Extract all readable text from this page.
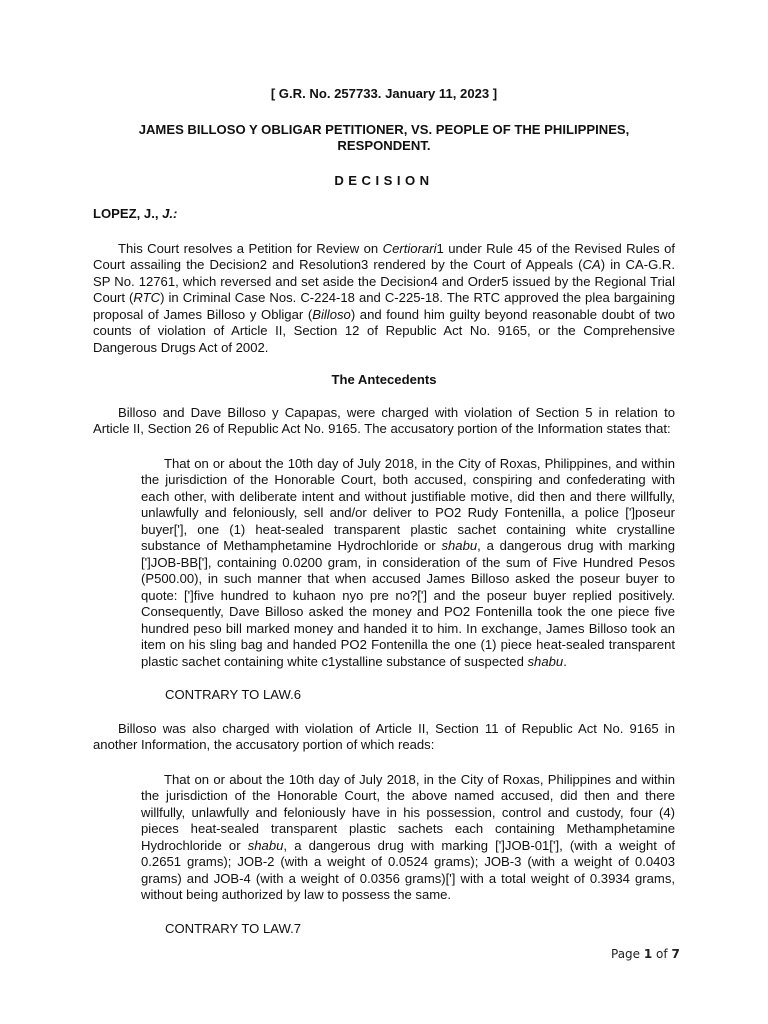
[ G.R. No. 257733. January 11, 2023 ]

JAMES BILLOSO Y OBLIGAR PETITIONER, VS. PEOPLE OF THE PHILIPPINES,
RESPONDENT.

DECISION

LOPEZ, J., J.:

This Court resolves a Petition for Review on Certiorari1 under Rule 45 of the Revised Rules of Court assailing the Decision2 and Resolution3 rendered by the Court of Appeals (CA) in CA-G.R. SP No. 12761, which reversed and set aside the Decision4 and Order5 issued by the Regional Trial Court (RTC) in Criminal Case Nos. C-224-18 and C-225-18. The RTC approved the plea bargaining proposal of James Billoso y Obligar (Billoso) and found him guilty beyond reasonable doubt of two counts of violation of Article II, Section 12 of Republic Act No. 9165, or the Comprehensive Dangerous Drugs Act of 2002.

The Antecedents

Billoso and Dave Billoso y Capapas, were charged with violation of Section 5 in relation to Article II, Section 26 of Republic Act No. 9165. The accusatory portion of the Information states that:

That on or about the 10th day of July 2018, in the City of Roxas, Philippines, and within the jurisdiction of the Honorable Court, both accused, conspiring and confederating with each other, with deliberate intent and without justifiable motive, did then and there willfully, unlawfully and feloniously, sell and/or deliver to PO2 Rudy Fontenilla, a police [']poseur buyer['], one (1) heat-sealed transparent plastic sachet containing white crystalline substance of Methamphetamine Hydrochloride or shabu, a dangerous drug with marking [']JOB-BB['], containing 0.0200 gram, in consideration of the sum of Five Hundred Pesos (P500.00), in such manner that when accused James Billoso asked the poseur buyer to quote: [']five hundred to kuhaon nyo pre no?['] and the poseur buyer replied positively. Consequently, Dave Billoso asked the money and PO2 Fontenilla took the one piece five hundred peso bill marked money and handed it to him. In exchange, James Billoso took an item on his sling bag and handed PO2 Fontenilla the one (1) piece heat-sealed transparent plastic sachet containing white c1ystalline substance of suspected shabu.

CONTRARY TO LAW.6

Billoso was also charged with violation of Article II, Section 11 of Republic Act No. 9165 in another Information, the accusatory portion of which reads:

That on or about the 10th day of July 2018, in the City of Roxas, Philippines and within the jurisdiction of the Honorable Court, the above named accused, did then and there willfully, unlawfully and feloniously have in his possession, control and custody, four (4) pieces heat-sealed transparent plastic sachets each containing Methamphetamine Hydrochloride or shabu, a dangerous drug with marking [']JOB-01['], (with a weight of 0.2651 grams); JOB-2 (with a weight of 0.0524 grams); JOB-3 (with a weight of 0.0403 grams) and JOB-4 (with a weight of 0.0356 grams)['] with a total weight of 0.3934 grams, without being authorized by law to possess the same.

CONTRARY TO LAW.7

Page 1 of 7
